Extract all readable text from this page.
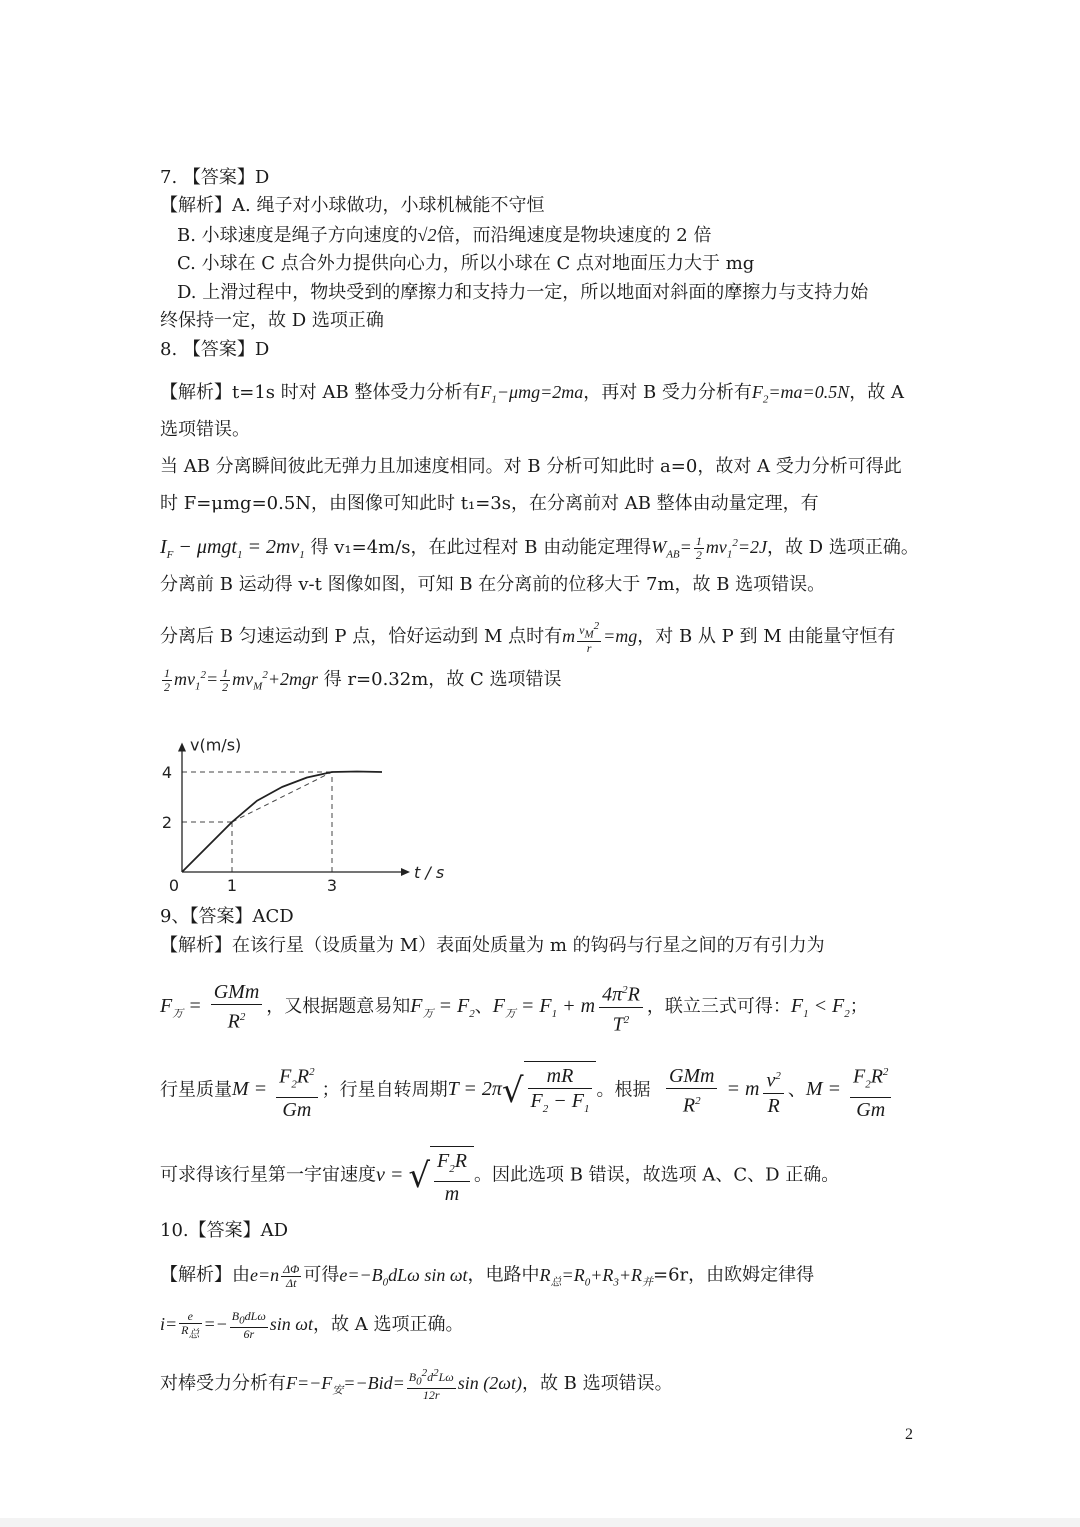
7. 【答案】D
【解析】A. 绳子对小球做功，小球机械能不守恒
B. 小球速度是绳子方向速度的√2倍，而沿绳速度是物块速度的 2 倍
C. 小球在 C 点合外力提供向心力，所以小球在 C 点对地面压力大于 mg
D. 上滑过程中，物块受到的摩擦力和支持力一定，所以地面对斜面的摩擦力与支持力始
终保持一定，故 D 选项正确
8. 【答案】D
【解析】t=1s 时对 AB 整体受力分析有$F_1-\mu mg=2ma$，再对 B 受力分析有$F_2=ma=0.5N$，故 A
选项错误。
当 AB 分离瞬间彼此无弹力且加速度相同。对 B 分析可知此时 a=0，故对 A 受力分析可得此
时 F=μmg=0.5N，由图像可知此时 t₁=3s，在分离前对 AB 整体由动量定理，有
$I_F - \mu mgt_1 = 2mv_1$ 得 v₁=4m/s，在此过程对 B 由动能定理得$W_{AB}= \frac{1}{2} mv_1^2=2J$，故 D 选项正确。
分离前 B 运动得 v-t 图像如图，可知 B 在分离前的位移大于 7m，故 B 选项错误。
分离后 B 匀速运动到 P 点，恰好运动到 M 点时有m $\frac{v_M^2}{r} =mg$，对 B 从 P 到 M 由能量守恒有
$\frac{1}{2} mv_1^2= \frac{1}{2} mv_M^2+2mgr$ 得 r=0.32m，故 C 选项错误
0	1	3
2
4
t / s
v(m/s)
9、【答案】ACD
【解析】在该行星（设质量为 M）表面处质量为 m 的钩码与行星之间的万有引力为
$F_万$ =
GMm
$R^2$
，又根据题意易知$F_万 = F_2$、$F_万 = F_1 + m \frac{4\pi^2R}{T^2}$ ，联立三式可得：$F_1 < F_2$；
行星质量$M = \frac{F_2R^2}{Gm}$ ；行星自转周期$T = 2\pi√ \frac{mR}{F_2 - F_1}$ 。根据
GMm
$R^2$
= m $\frac{v^2}{R}$ 、$M = \frac{F_2R^2}{Gm}$
可求得该行星第一宇宙速度v = √ $\frac{F_2R}{m}$ 。因此选项 B 错误，故选项 A、C、D 正确。
10.【答案】AD
【解析】由$e=n \frac{\Delta\Phi}{\Delta t}$ 可得$e=-B_0dL\omega$ sin ωt，电路中$R_总=R_0+R_3+R_并=6r$，由欧姆定律得
$i= \frac{e}{R_总} =- \frac{B_0dL\omega}{6r}$ sin ωt，故 A 选项正确。
对棒受力分析有$F=-F_安=-Bid= \frac{B_0^2d^2L\omega}{12r}$ sin (2ωt)，故 B 选项错误。
2
